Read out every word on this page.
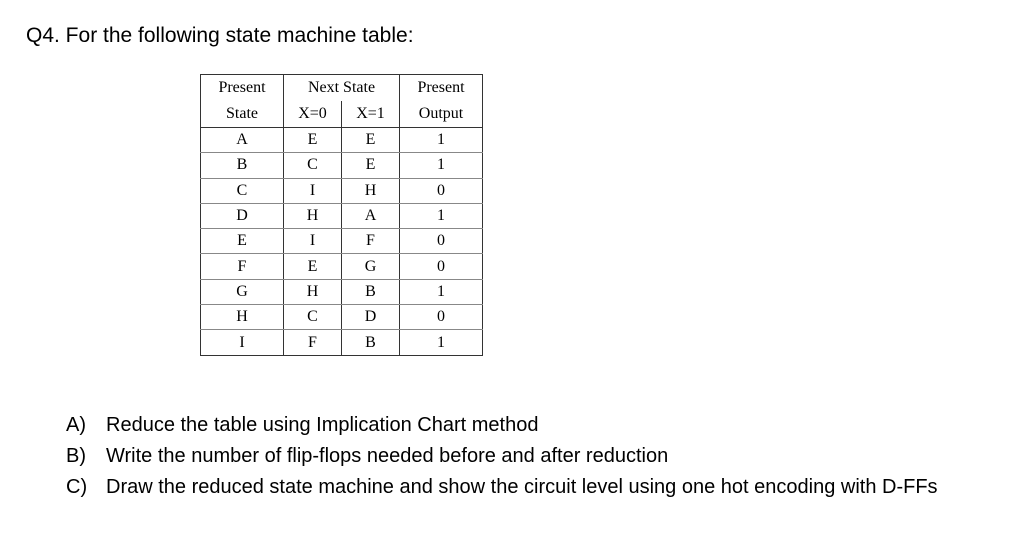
Q4. For the following state machine table:
Present	Next State		Present
State	X=0	X=1	Output
A	E	E	1
B	C	E	1
C	I	H	0
D	H	A	1
E	I	F	0
F	E	G	0
G	H	B	1
H	C	D	0
I	F	B	1
A)	Reduce the table using Implication Chart method
B)	Write the number of flip-flops needed before and after reduction
C) Draw the reduced state machine and show the circuit level using one hot encoding with D-FFs
